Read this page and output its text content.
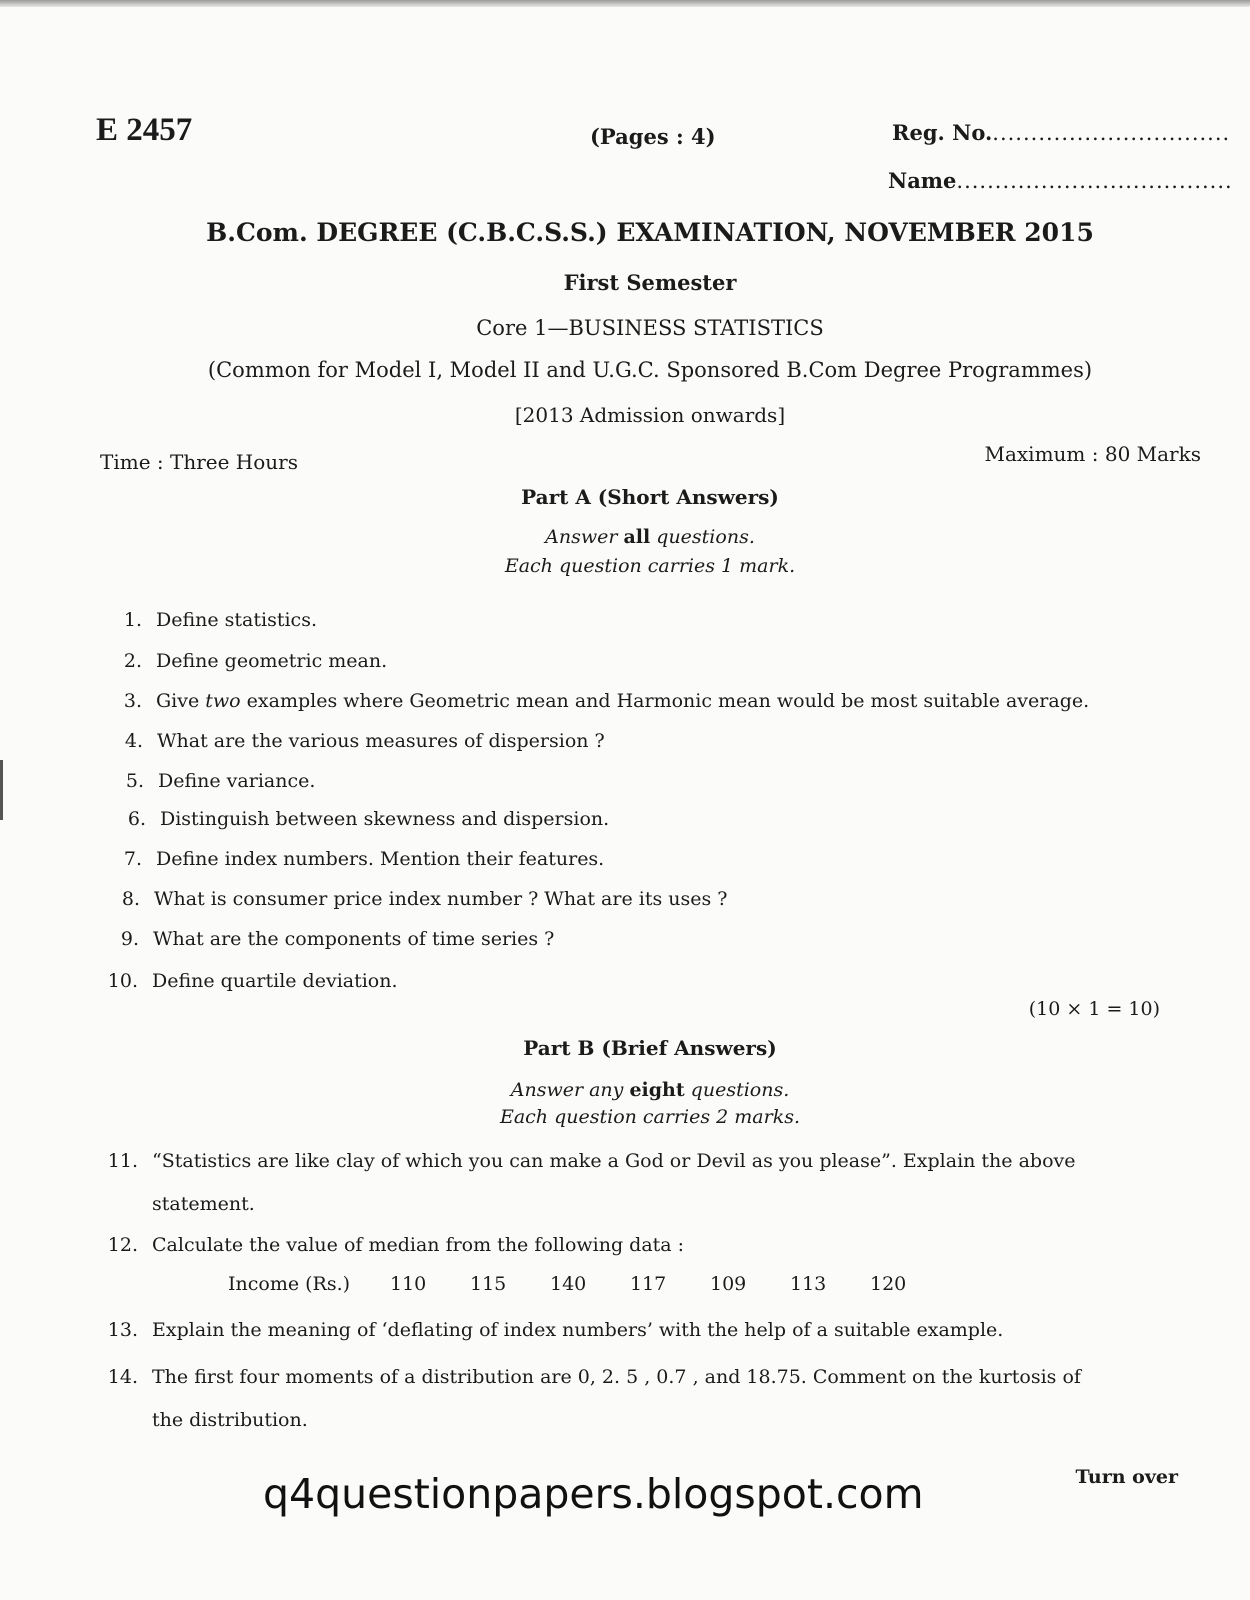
E 2457	(Pages : 4)	Reg. No................................
Name....................................
B.Com. DEGREE (C.B.C.S.S.) EXAMINATION, NOVEMBER 2015
First Semester
Core 1—BUSINESS STATISTICS
(Common for Model I, Model II and U.G.C. Sponsored B.Com Degree Programmes)
[2013 Admission onwards]
Time : Three Hours	Maximum : 80 Marks
Part A (Short Answers)
Answer all questions.
Each question carries 1 mark.
1. Define statistics.
2. Define geometric mean.
3. Give two examples where Geometric mean and Harmonic mean would be most suitable average.
4. What are the various measures of dispersion ?
5. Define variance.
6. Distinguish between skewness and dispersion.
7. Define index numbers. Mention their features.
8. What is consumer price index number ? What are its uses ?
9. What are the components of time series ?
10. Define quartile deviation.
(10 × 1 = 10)
Part B (Brief Answers)
Answer any eight questions.
Each question carries 2 marks.
11. “Statistics are like clay of which you can make a God or Devil as you please”. Explain the above
statement.
12. Calculate the value of median from the following data :
Income (Rs.) 110 115 140 117 109 113 120
13. Explain the meaning of ‘deflating of index numbers’ with the help of a suitable example.
14. The first four moments of a distribution are 0, 2. 5 , 0.7 , and 18.75. Comment on the kurtosis of
the distribution.
q4questionpapers.blogspot.com	Turn over
